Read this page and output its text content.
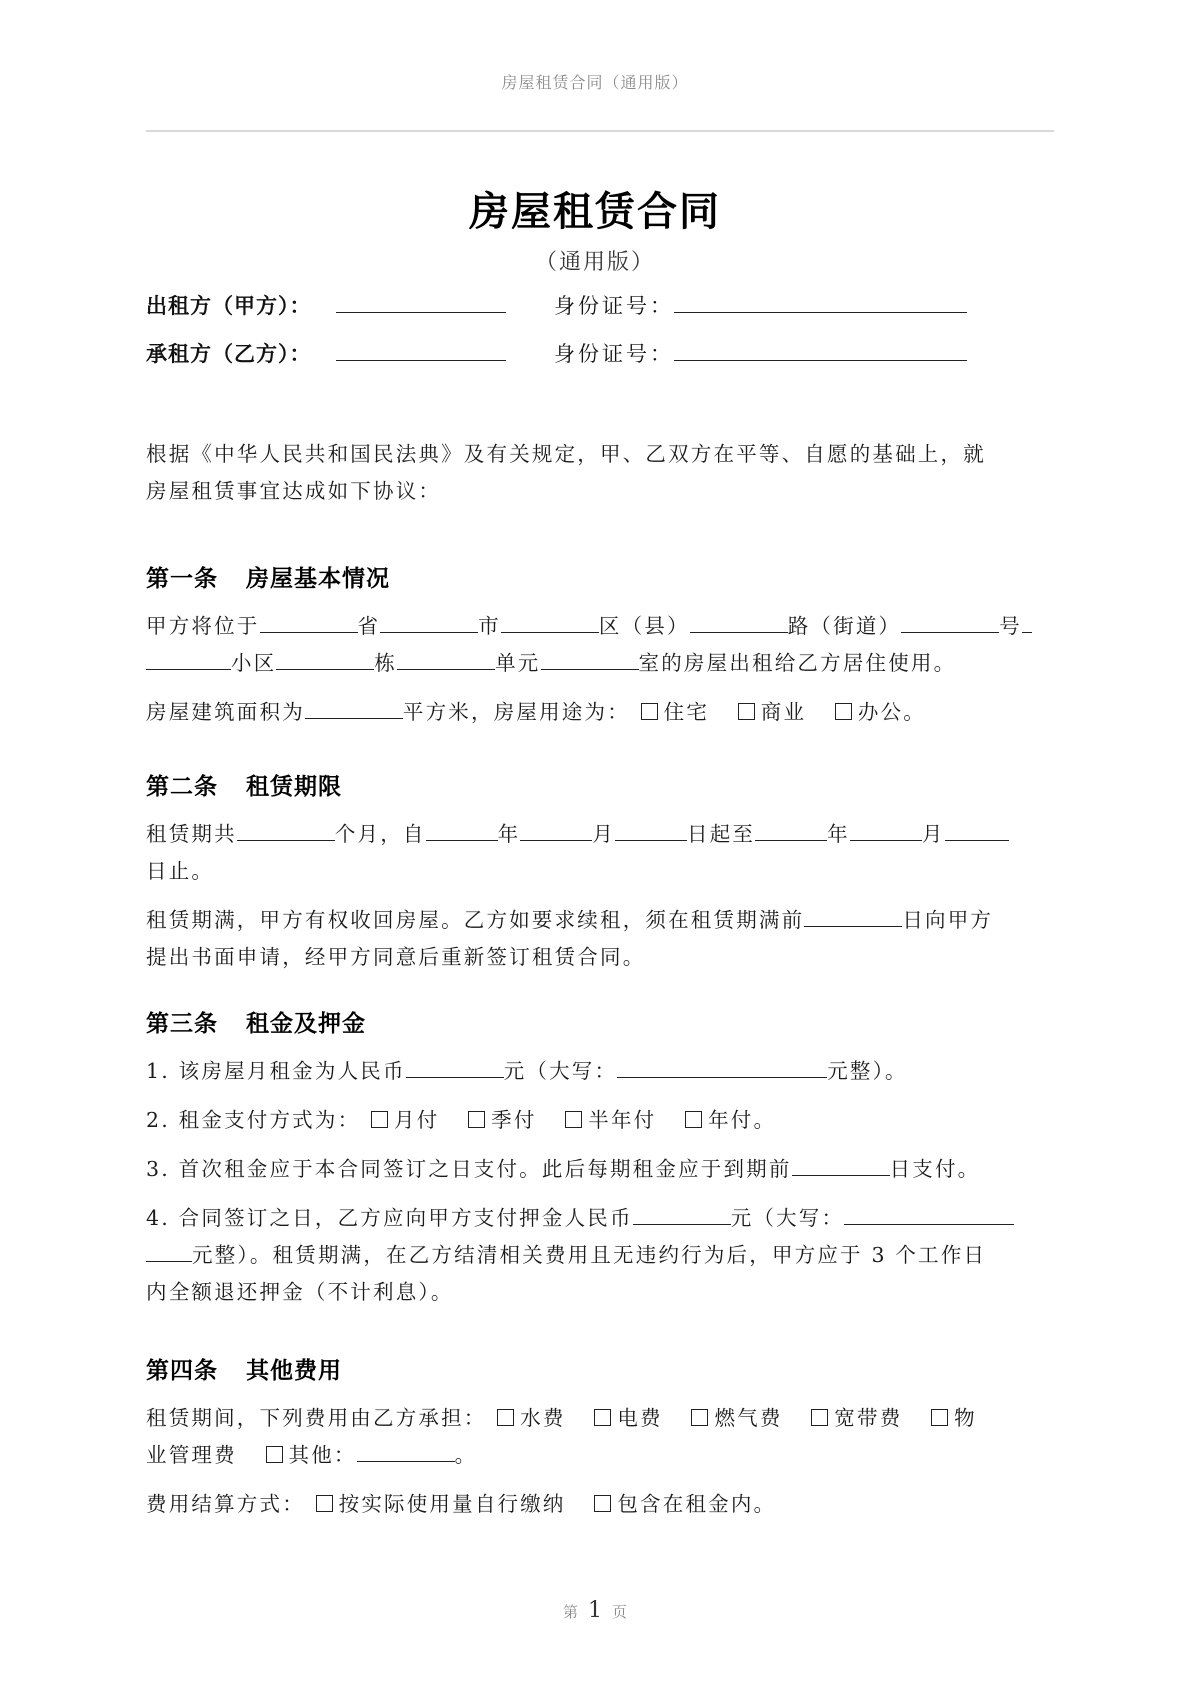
房屋租赁合同（通用版）
房屋租赁合同
（通用版）
出租方（甲方）：	身份证号：
承租方（乙方）：	身份证号：

根据《中华人民共和国民法典》及有关规定，甲、乙双方在平等、自愿的基础上，就

房屋租赁事宜达成如下协议：

第一条 房屋基本情况

甲方将位于	省	市	区（县）	路（街道）	号

小区	栋	单元	室的房屋出租给乙方居住使用。

房屋建筑面积为	平方米，房屋用途为： 住宅	商业	办公。

第二条 租赁期限

租赁期共	个月，自	年	月	日起至	年	月

日止。

租赁期满，甲方有权收回房屋。乙方如要求续租，须在租赁期满前	日向甲方

提出书面申请，经甲方同意后重新签订租赁合同。

第三条 租金及押金

1. 该房屋月租金为人民币	元（大写：	元整）。

2. 租金支付方式为： 月付	季付	半年付	年付。

3. 首次租金应于本合同签订之日支付。此后每期租金应于到期前	日支付。

4. 合同签订之日，乙方应向甲方支付押金人民币	元（大写：

元整）。租赁期满，在乙方结清相关费用且无违约行为后，甲方应于 3 个工作日

内全额退还押金（不计利息）。

第四条 其他费用

租赁期间，下列费用由乙方承担： 水费	电费	燃气费	宽带费	物

业管理费	其他：	。

费用结算方式： 按实际使用量自行缴纳	包含在租金内。

第 1 页
